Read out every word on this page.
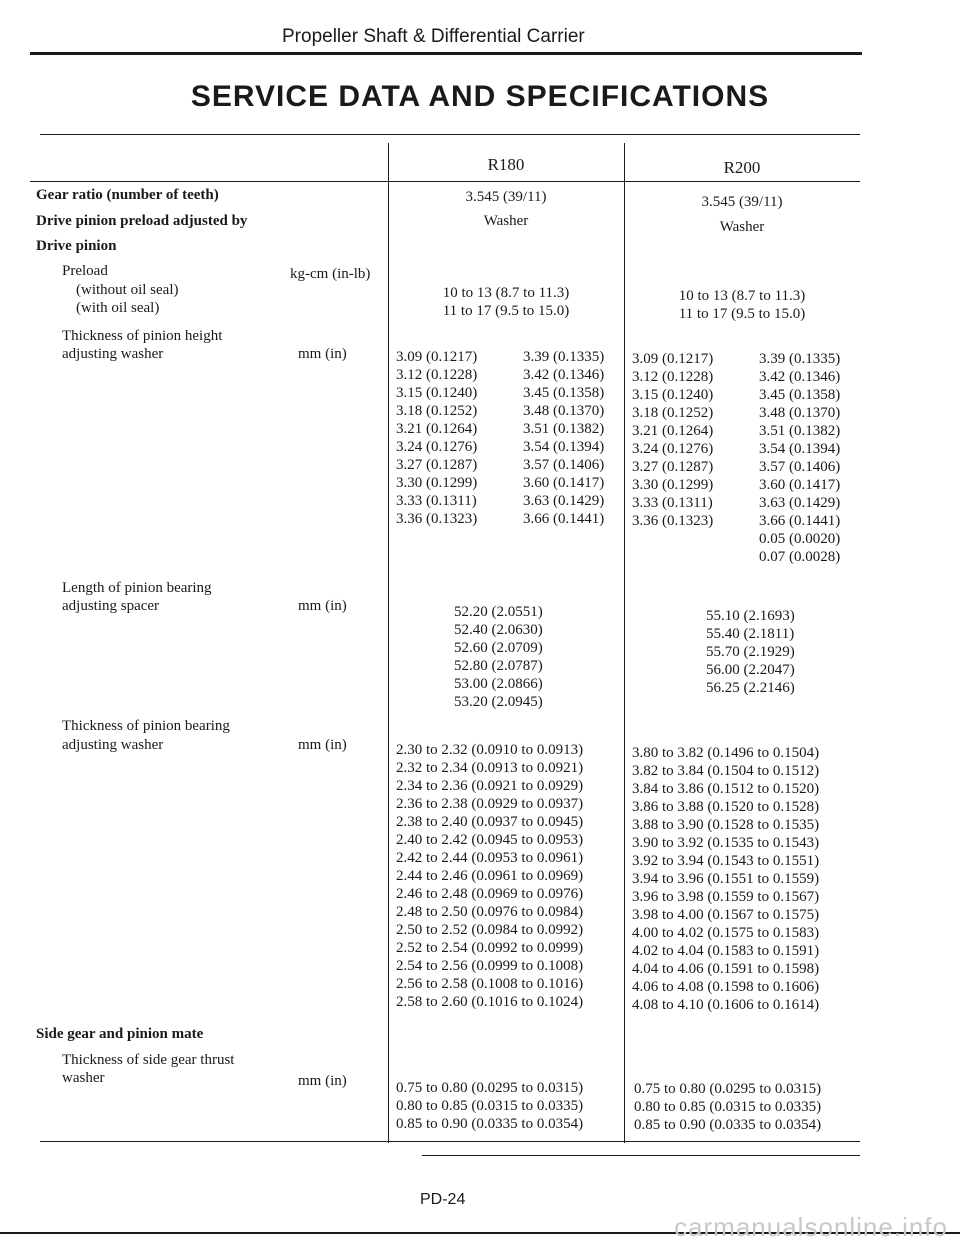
Propeller Shaft & Differential Carrier
SERVICE DATA AND SPECIFICATIONS
R180	R200
Gear ratio (number of teeth)
Drive pinion preload adjusted by
Drive pinion
Preload
(without oil seal)
(with oil seal)
Thickness of pinion height
adjusting washer
Length of pinion bearing
adjusting spacer
Thickness of pinion bearing
adjusting washer
Side gear and pinion mate
Thickness of side gear thrust
washer
kg-cm (in-lb)
mm (in)
mm (in)
mm (in)
mm (in)
3.545 (39/11)
Washer
10 to 13 (8.7 to 11.3)
11 to 17 (9.5 to 15.0)
3.09 (0.1217)
3.12 (0.1228)
3.15 (0.1240)
3.18 (0.1252)
3.21 (0.1264)
3.24 (0.1276)
3.27 (0.1287)
3.30 (0.1299)
3.33 (0.1311)
3.36 (0.1323)
3.39 (0.1335)
3.42 (0.1346)
3.45 (0.1358)
3.48 (0.1370)
3.51 (0.1382)
3.54 (0.1394)
3.57 (0.1406)
3.60 (0.1417)
3.63 (0.1429)
3.66 (0.1441)
52.20 (2.0551)
52.40 (2.0630)
52.60 (2.0709)
52.80 (2.0787)
53.00 (2.0866)
53.20 (2.0945)
2.30 to 2.32 (0.0910 to 0.0913)
2.32 to 2.34 (0.0913 to 0.0921)
2.34 to 2.36 (0.0921 to 0.0929)
2.36 to 2.38 (0.0929 to 0.0937)
2.38 to 2.40 (0.0937 to 0.0945)
2.40 to 2.42 (0.0945 to 0.0953)
2.42 to 2.44 (0.0953 to 0.0961)
2.44 to 2.46 (0.0961 to 0.0969)
2.46 to 2.48 (0.0969 to 0.0976)
2.48 to 2.50 (0.0976 to 0.0984)
2.50 to 2.52 (0.0984 to 0.0992)
2.52 to 2.54 (0.0992 to 0.0999)
2.54 to 2.56 (0.0999 to 0.1008)
2.56 to 2.58 (0.1008 to 0.1016)
2.58 to 2.60 (0.1016 to 0.1024)
0.75 to 0.80 (0.0295 to 0.0315)
0.80 to 0.85 (0.0315 to 0.0335)
0.85 to 0.90 (0.0335 to 0.0354)
3.545 (39/11)
Washer
10 to 13 (8.7 to 11.3)
11 to 17 (9.5 to 15.0)
3.09 (0.1217)
3.12 (0.1228)
3.15 (0.1240)
3.18 (0.1252)
3.21 (0.1264)
3.24 (0.1276)
3.27 (0.1287)
3.30 (0.1299)
3.33 (0.1311)
3.36 (0.1323)
3.39 (0.1335)
3.42 (0.1346)
3.45 (0.1358)
3.48 (0.1370)
3.51 (0.1382)
3.54 (0.1394)
3.57 (0.1406)
3.60 (0.1417)
3.63 (0.1429)
3.66 (0.1441)
0.05 (0.0020)
0.07 (0.0028)
55.10 (2.1693)
55.40 (2.1811)
55.70 (2.1929)
56.00 (2.2047)
56.25 (2.2146)
3.80 to 3.82 (0.1496 to 0.1504)
3.82 to 3.84 (0.1504 to 0.1512)
3.84 to 3.86 (0.1512 to 0.1520)
3.86 to 3.88 (0.1520 to 0.1528)
3.88 to 3.90 (0.1528 to 0.1535)
3.90 to 3.92 (0.1535 to 0.1543)
3.92 to 3.94 (0.1543 to 0.1551)
3.94 to 3.96 (0.1551 to 0.1559)
3.96 to 3.98 (0.1559 to 0.1567)
3.98 to 4.00 (0.1567 to 0.1575)
4.00 to 4.02 (0.1575 to 0.1583)
4.02 to 4.04 (0.1583 to 0.1591)
4.04 to 4.06 (0.1591 to 0.1598)
4.06 to 4.08 (0.1598 to 0.1606)
4.08 to 4.10 (0.1606 to 0.1614)
0.75 to 0.80 (0.0295 to 0.0315)
0.80 to 0.85 (0.0315 to 0.0335)
0.85 to 0.90 (0.0335 to 0.0354)
PD-24
carmanualsonline.info
